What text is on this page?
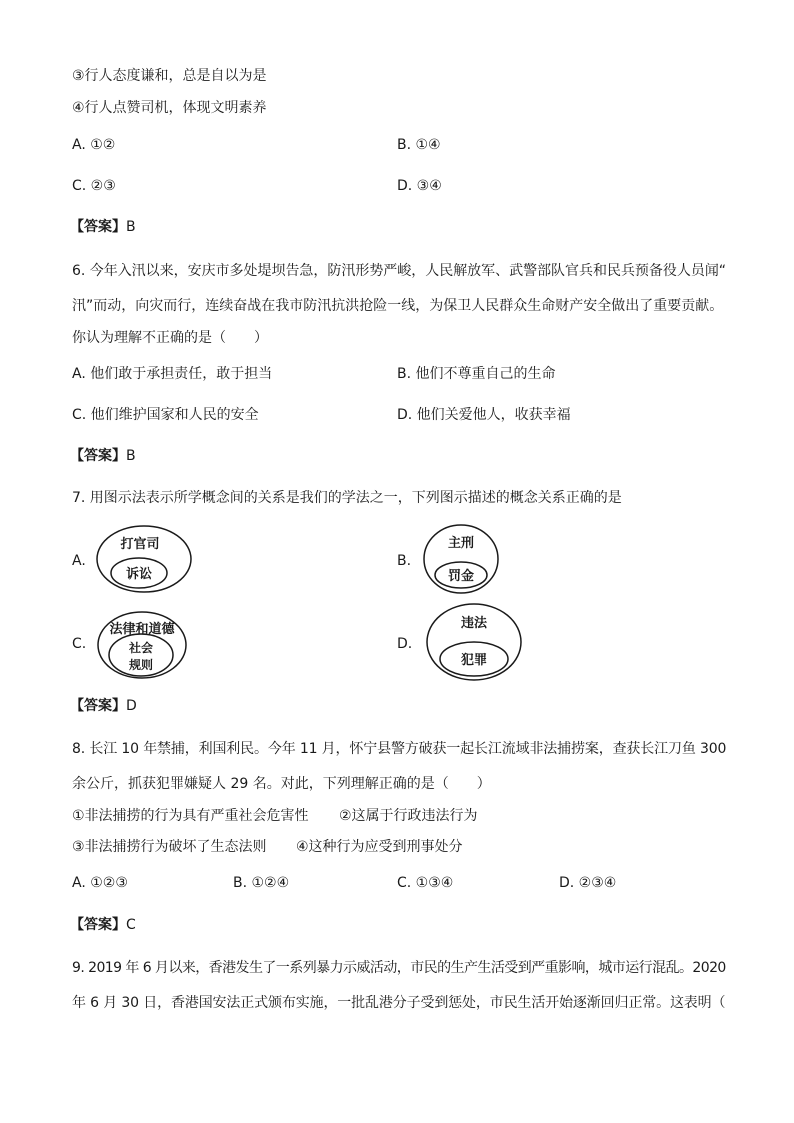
③行人态度谦和，总是自以为是
④行人点赞司机，体现文明素养
A. ①②	B. ①④
C. ②③	D. ③④
【答案】B
6. 今年入汛以来，安庆市多处堤坝告急，防汛形势严峻，人民解放军、武警部队官兵和民兵预备役人员闻“
汛”而动，向灾而行，连续奋战在我市防汛抗洪抢险一线，为保卫人民群众生命财产安全做出了重要贡献。
你认为理解不正确的是（　　）
A. 他们敢于承担责任，敢于担当	B. 他们不尊重自己的生命
C. 他们维护国家和人民的安全	D. 他们关爱他人，收获幸福
【答案】B
7. 用图示法表示所学概念间的关系是我们的学法之一，下列图示描述的概念关系正确的是
A.
打官司
诉讼
B.
主刑
罚金
C.
法律和道德
社会
规则
D.
违法
犯罪
【答案】D
8. 长江 10 年禁捕，利国利民。今年 11 月，怀宁县警方破获一起长江流域非法捕捞案，查获长江刀鱼 300
余公斤，抓获犯罪嫌疑人 29 名。对此，下列理解正确的是（　　）
①非法捕捞的行为具有严重社会危害性 ②这属于行政违法行为
③非法捕捞行为破坏了生态法则 ④这种行为应受到刑事处分
A. ①②③	B. ①②④	C. ①③④	D. ②③④
【答案】C
9. 2019 年 6 月以来，香港发生了一系列暴力示威活动，市民的生产生活受到严重影响，城市运行混乱。2020
年 6 月 30 日，香港国安法正式颁布实施，一批乱港分子受到惩处，市民生活开始逐渐回归正常。这表明（
